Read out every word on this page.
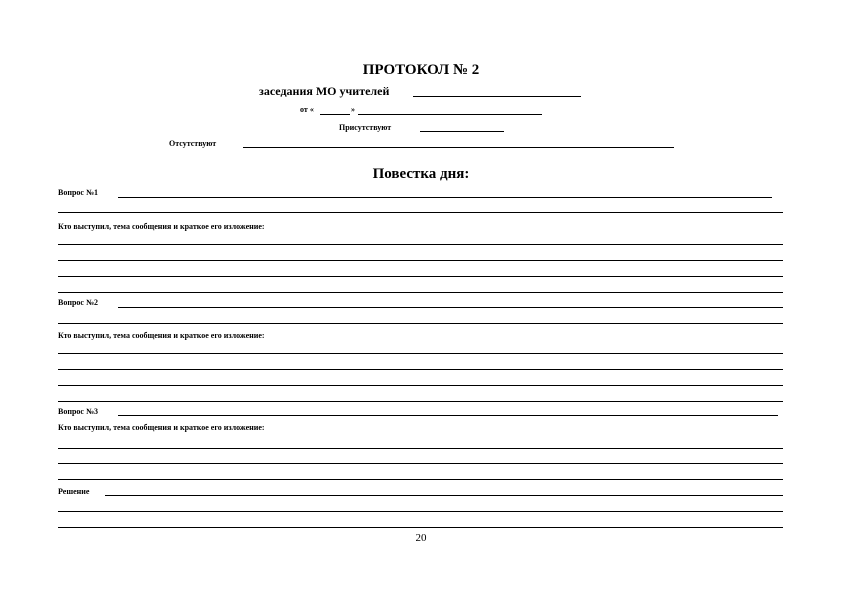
ПРОТОКОЛ № 2
заседания МО учителей
от «	»
Присутствуют
Отсутствуют
Повестка дня:
Вопрос №1
Кто выступил, тема сообщения и краткое его изложение:
Вопрос №2
Кто выступил, тема сообщения и краткое его изложение:
Вопрос №3
Кто выступил, тема сообщения и краткое его изложение:
Решение
20
